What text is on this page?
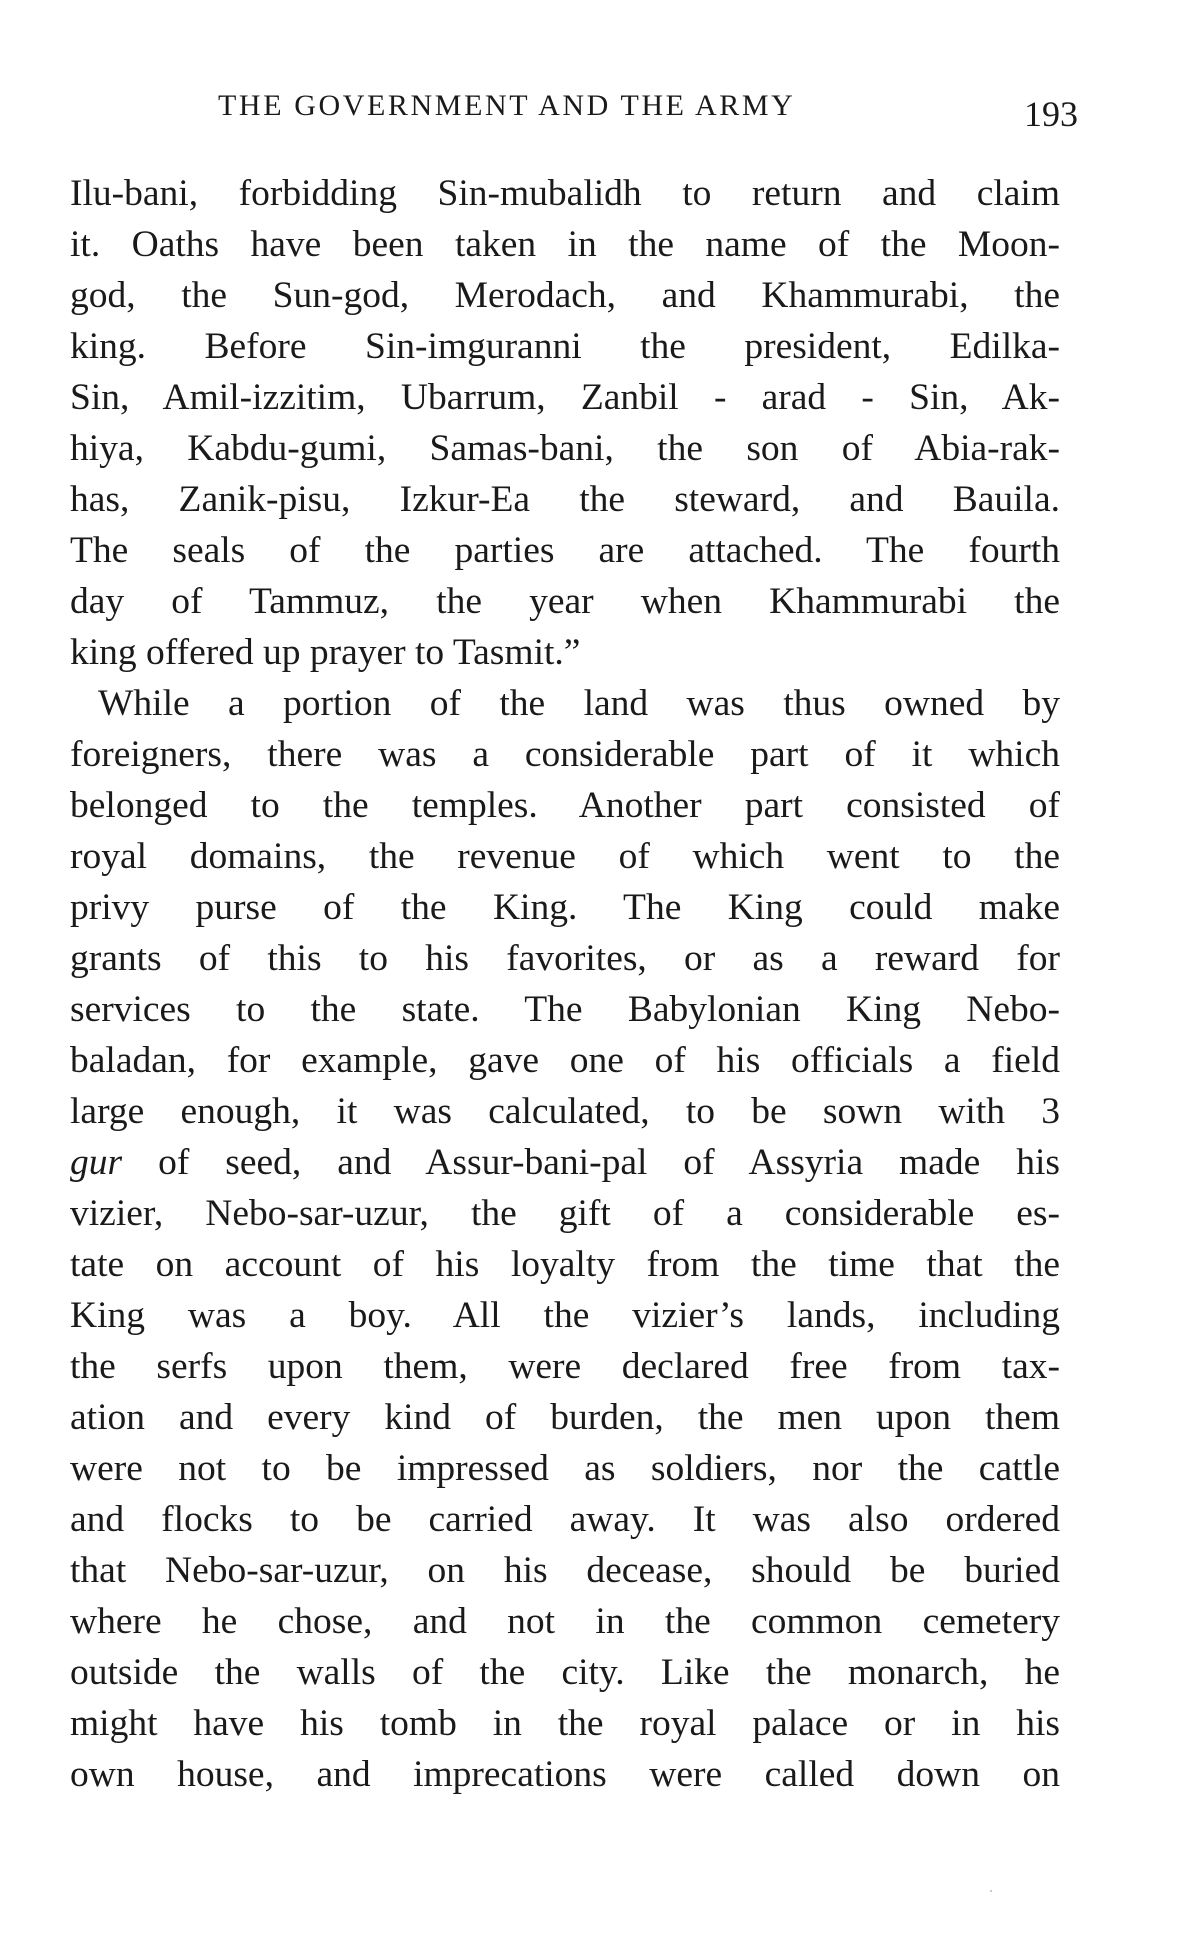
THE GOVERNMENT AND THE ARMY	193
Ilu-bani, forbidding Sin-mubalidh to return and claim
it. Oaths have been taken in the name of the Moon-
god, the Sun-god, Merodach, and Khammurabi, the
king. Before Sin-imguranni the president, Edilka-
Sin, Amil-izzitim, Ubarrum, Zanbil - arad - Sin, Ak-
hiya, Kabdu-gumi, Samas-bani, the son of Abia-rak-
has, Zanik-pisu, Izkur-Ea the steward, and Bauila.
The seals of the parties are attached. The fourth
day of Tammuz, the year when Khammurabi the
king offered up prayer to Tasmit.”
While a portion of the land was thus owned by
foreigners, there was a considerable part of it which
belonged to the temples. Another part consisted of
royal domains, the revenue of which went to the
privy purse of the King. The King could make
grants of this to his favorites, or as a reward for
services to the state. The Babylonian King Nebo-
baladan, for example, gave one of his officials a field
large enough, it was calculated, to be sown with 3
gur of seed, and Assur-bani-pal of Assyria made his
vizier, Nebo-sar-uzur, the gift of a considerable es-
tate on account of his loyalty from the time that the
King was a boy. All the vizier’s lands, including
the serfs upon them, were declared free from tax-
ation and every kind of burden, the men upon them
were not to be impressed as soldiers, nor the cattle
and flocks to be carried away. It was also ordered
that Nebo-sar-uzur, on his decease, should be buried
where he chose, and not in the common cemetery
outside the walls of the city. Like the monarch, he
might have his tomb in the royal palace or in his
own house, and imprecations were called down on
